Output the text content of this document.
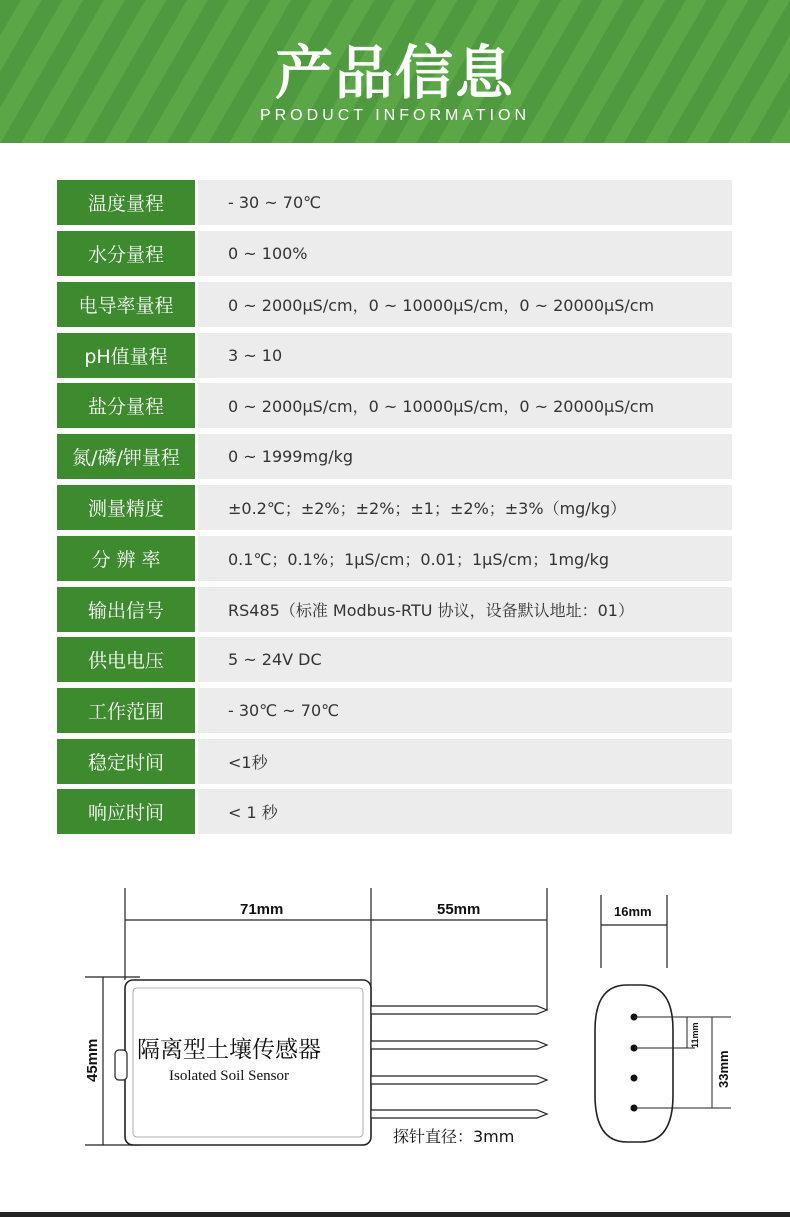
产品信息
PRODUCT INFORMATION
温度量程	- 30 ~ 70℃
水分量程	0 ~ 100%
电导率量程	0 ~ 2000μS/cm，0 ~ 10000μS/cm，0 ~ 20000μS/cm
pH值量程	3 ~ 10
盐分量程	0 ~ 2000μS/cm，0 ~ 10000μS/cm，0 ~ 20000μS/cm
氮/磷/钾量程	0 ~ 1999mg/kg
测量精度	±0.2℃；±2%；±2%；±1；±2%；±3%（mg/kg）
分 辨 率	0.1℃；0.1%；1μS/cm；0.01；1μS/cm；1mg/kg
输出信号	RS485（标准 Modbus-RTU 协议，设备默认地址：01）
供电电压	5 ~ 24V DC
工作范围	- 30℃ ~ 70℃
稳定时间	<1秒
响应时间	< 1 秒
71mm	55mm
45mm 隔离型土壤传感器
Isolated Soil Sensor
探针直径：3mm
16mm
11mm
33mm
